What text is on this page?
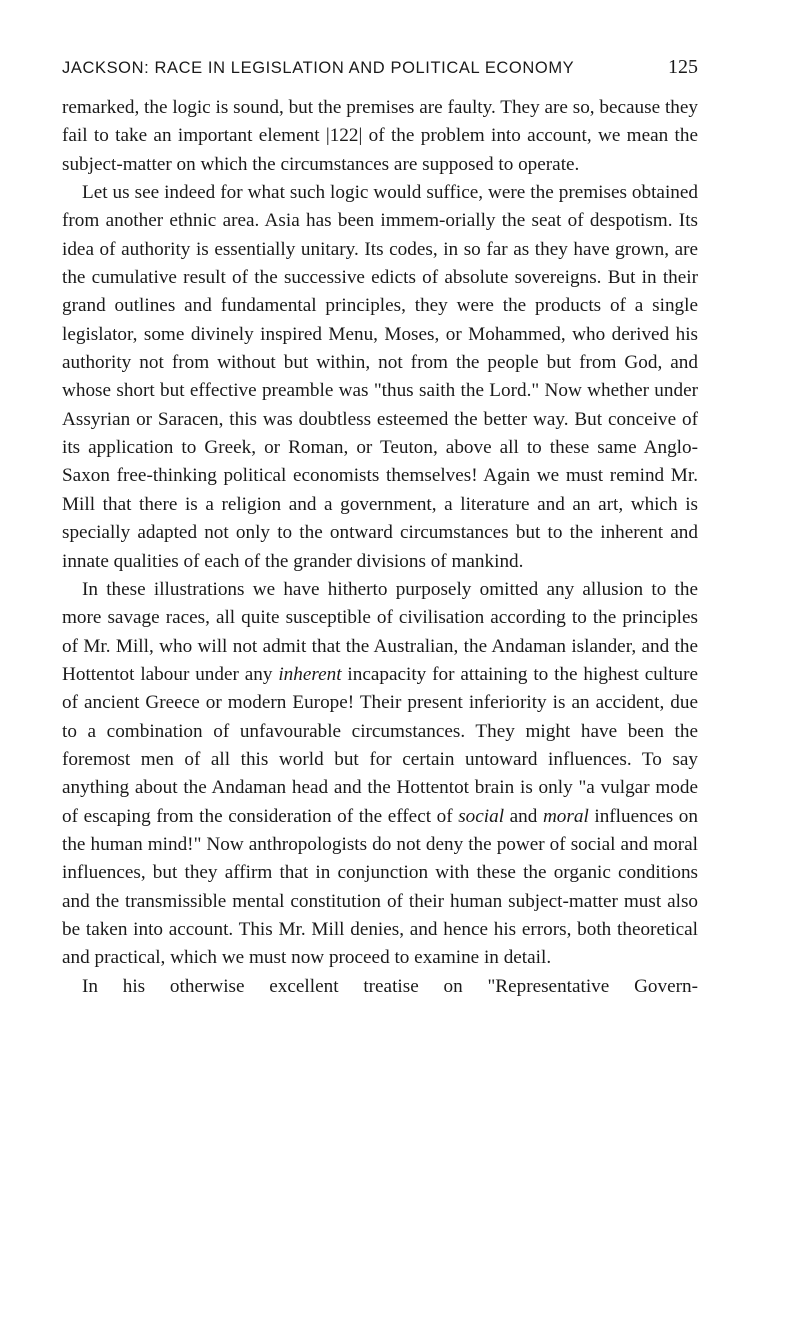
JACKSON: RACE IN LEGISLATION AND POLITICAL ECONOMY	125

remarked, the logic is sound, but the premises are faulty. They are so, because they fail to take an important element |122| of the problem into account, we mean the subject-matter on which the circumstances are supposed to operate.

Let us see indeed for what such logic would suffice, were the premises obtained from another ethnic area. Asia has been immem-orially the seat of despotism. Its idea of authority is essentially unitary. Its codes, in so far as they have grown, are the cumulative result of the successive edicts of absolute sovereigns. But in their grand outlines and fundamental principles, they were the products of a single legislator, some divinely inspired Menu, Moses, or Mohammed, who derived his authority not from without but within, not from the people but from God, and whose short but effective preamble was "thus saith the Lord." Now whether under Assyrian or Saracen, this was doubtless esteemed the better way. But conceive of its application to Greek, or Roman, or Teuton, above all to these same Anglo-Saxon free-thinking political economists themselves! Again we must remind Mr. Mill that there is a religion and a government, a literature and an art, which is specially adapted not only to the ontward circumstances but to the inherent and innate qualities of each of the grander divisions of mankind.

In these illustrations we have hitherto purposely omitted any allusion to the more savage races, all quite susceptible of civilisation according to the principles of Mr. Mill, who will not admit that the Australian, the Andaman islander, and the Hottentot labour under any inherent incapacity for attaining to the highest culture of ancient Greece or modern Europe! Their present inferiority is an accident, due to a combination of unfavourable circumstances. They might have been the foremost men of all this world but for certain untoward influences. To say anything about the Andaman head and the Hottentot brain is only "a vulgar mode of escaping from the consideration of the effect of social and moral influences on the human mind!" Now anthropologists do not deny the power of social and moral influences, but they affirm that in conjunction with these the organic conditions and the transmissible mental constitution of their human subject-matter must also be taken into account. This Mr. Mill denies, and hence his errors, both theoretical and practical, which we must now proceed to examine in detail.

In his otherwise excellent treatise on "Representative Govern-
